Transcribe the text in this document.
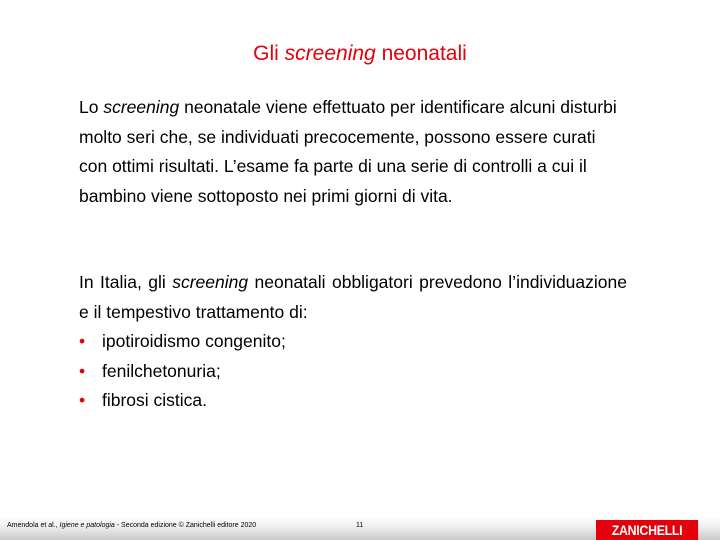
Gli screening neonatali
Lo screening neonatale viene effettuato per identificare alcuni disturbi molto seri che, se individuati precocemente, possono essere curati con ottimi risultati. L’esame fa parte di una serie di controlli a cui il bambino viene sottoposto nei primi giorni di vita.
In Italia, gli screening neonatali obbligatori prevedono l’individuazione e il tempestivo trattamento di:
• ipotiroidismo congenito;
• fenilchetonuria;
• fibrosi cistica.
Amendola et al., Igiene e patologia - Seconda edizione © Zanichelli editore 2020	11	ZANICHELLI
